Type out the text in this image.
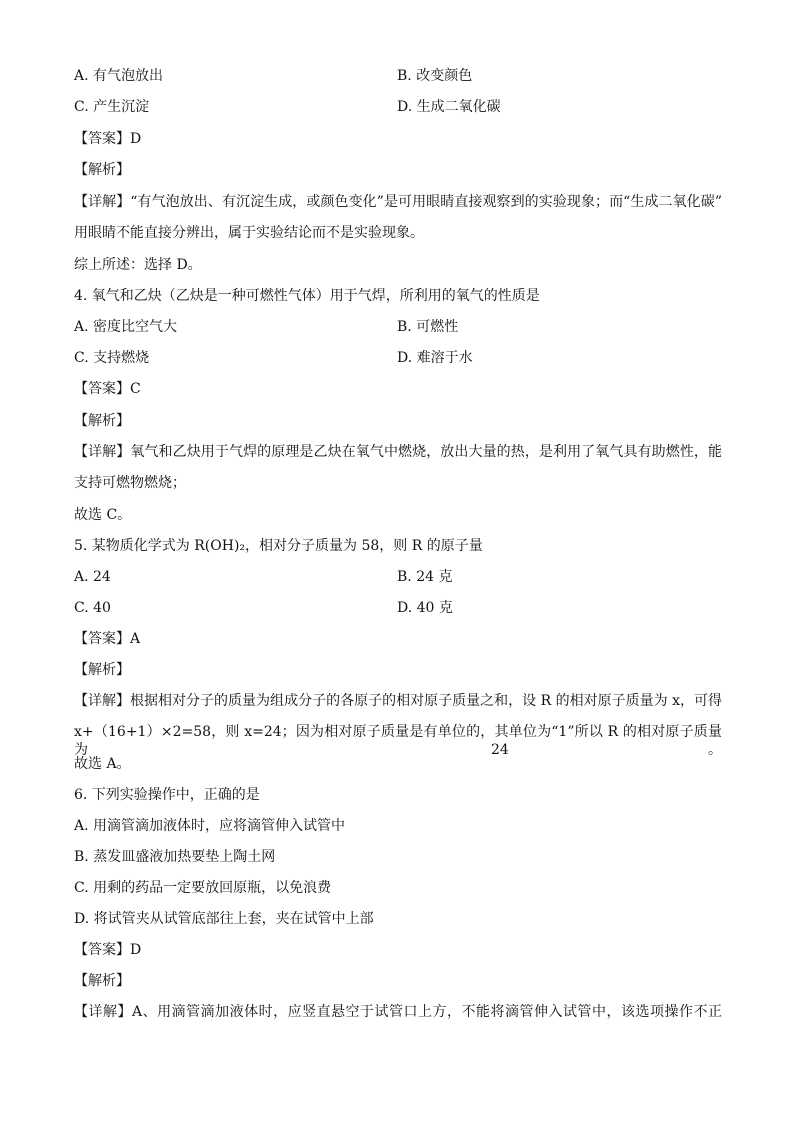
A. 有气泡放出	B. 改变颜色
C. 产生沉淀	D. 生成二氧化碳
【答案】D
【解析】
【详解】“有气泡放出、有沉淀生成，或颜色变化”是可用眼睛直接观察到的实验现象；而“生成二氧化碳”
用眼睛不能直接分辨出，属于实验结论而不是实验现象。
综上所述：选择 D。
4. 氧气和乙炔（乙炔是一种可燃性气体）用于气焊，所利用的氧气的性质是
A. 密度比空气大	B. 可燃性
C. 支持燃烧	D. 难溶于水
【答案】C
【解析】
【详解】氧气和乙炔用于气焊的原理是乙炔在氧气中燃烧，放出大量的热，是利用了氧气具有助燃性，能
支持可燃物燃烧；
故选 C。
5. 某物质化学式为 R(OH)₂，相对分子质量为 58，则 R 的原子量
A. 24	B. 24 克
C. 40	D. 40 克
【答案】A
【解析】
【详解】根据相对分子的质量为组成分子的各原子的相对原子质量之和，设 R 的相对原子质量为 x，可得
x+（16+1）×2=58，则 x=24；因为相对原子质量是有单位的，其单位为“1”所以 R 的相对原子质量为 24。
故选 A。
6. 下列实验操作中，正确的是
A. 用滴管滴加液体时，应将滴管伸入试管中
B. 蒸发皿盛液加热要垫上陶土网
C. 用剩的药品一定要放回原瓶，以免浪费
D. 将试管夹从试管底部往上套，夹在试管中上部
【答案】D
【解析】
【详解】A、用滴管滴加液体时，应竖直悬空于试管口上方，不能将滴管伸入试管中，该选项操作不正
